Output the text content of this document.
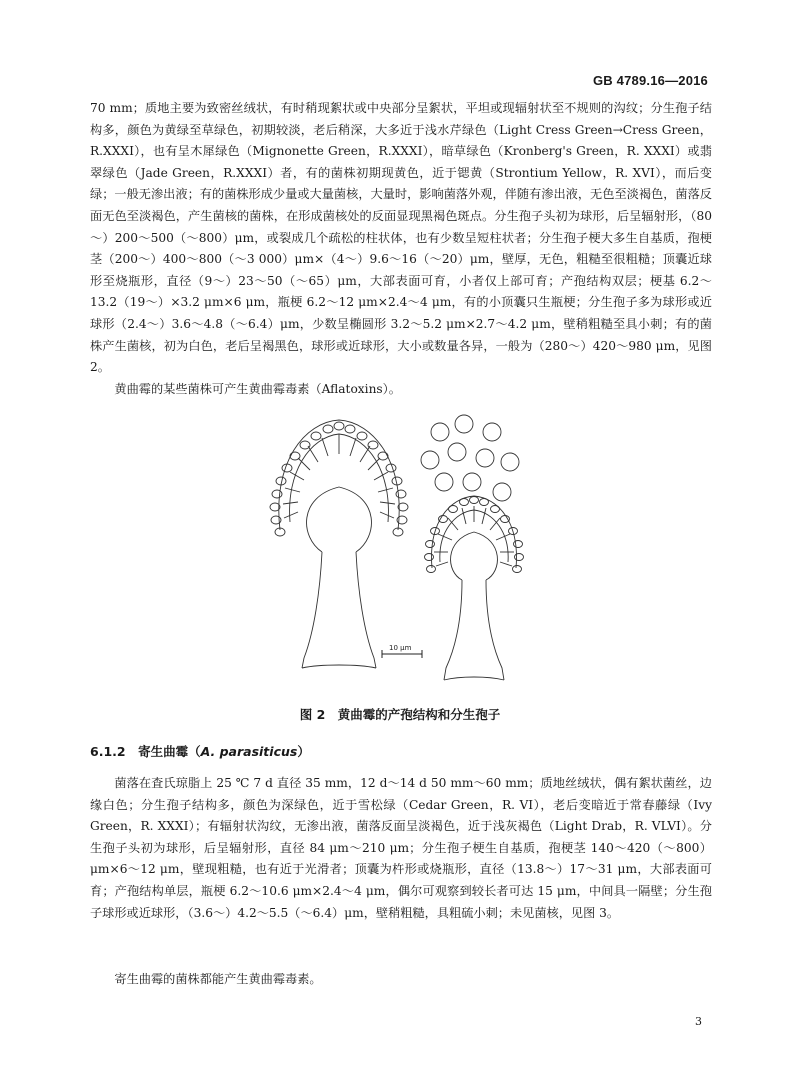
GB 4789.16—2016

70 mm；质地主要为致密丝绒状，有时稍现絮状或中央部分呈絮状，平坦或现辐射状至不规则的沟纹；分生孢子结构多，颜色为黄绿至草绿色，初期较淡，老后稍深，大多近于浅水芹绿色（Light Cress Green→Cress Green，R.XXXI），也有呈木犀绿色（Mignonette Green，R.XXXI），暗草绿色（Kronberg's Green，R. XXXI）或翡翠绿色（Jade Green，R.XXXI）者，有的菌株初期现黄色，近于锶黄（Strontium Yellow，R. XVI），而后变绿；一般无渗出液；有的菌株形成少量或大量菌核，大量时，影响菌落外观，伴随有渗出液，无色至淡褐色，菌落反面无色至淡褐色，产生菌核的菌株，在形成菌核处的反面显现黑褐色斑点。分生孢子头初为球形，后呈辐射形，（80～）200～500（～800）μm，或裂成几个疏松的柱状体，也有少数呈短柱状者；分生孢子梗大多生自基质，孢梗茎（200～）400～800（～3 000）μm×（4～）9.6～16（～20）μm，壁厚，无色，粗糙至很粗糙；顶囊近球形至烧瓶形，直径（9～）23～50（～65）μm，大部表面可育，小者仅上部可育；产孢结构双层；梗基 6.2～13.2（19～）×3.2 μm×6 μm，瓶梗 6.2～12 μm×2.4～4 μm，有的小顶囊只生瓶梗；分生孢子多为球形或近球形（2.4～）3.6～4.8（～6.4）μm，少数呈椭圆形 3.2～5.2 μm×2.7～4.2 μm，壁稍粗糙至具小刺；有的菌株产生菌核，初为白色，老后呈褐黑色，球形或近球形，大小或数量各异，一般为（280～）420～980 μm，见图 2。

黄曲霉的某些菌株可产生黄曲霉毒素（Aflatoxins）。

10 μm
图 2　黄曲霉的产孢结构和分生孢子
6.1.2　寄生曲霉（A. parasiticus）

菌落在査氏琼脂上 25 ℃ 7 d 直径 35 mm，12 d～14 d 50 mm～60 mm；质地丝绒状，偶有絮状菌丝，边缘白色；分生孢子结构多，颜色为深绿色，近于雪松绿（Cedar Green，R. VI），老后变暗近于常春藤绿（Ivy Green，R. XXXI）；有辐射状沟纹，无渗出液，菌落反面呈淡褐色，近于浅灰褐色（Light Drab，R. VLVI）。分生孢子头初为球形，后呈辐射形，直径 84 μm～210 μm；分生孢子梗生自基质，孢梗茎 140～420（～800）μm×6～12 μm，壁现粗糙，也有近于光滑者；顶囊为杵形或烧瓶形，直径（13.8～）17～31 μm，大部表面可育；产孢结构单层，瓶梗 6.2～10.6 μm×2.4～4 μm，偶尔可观察到较长者可达 15 μm，中间具一隔壁；分生孢子球形或近球形，（3.6～）4.2～5.5（～6.4）μm，壁稍粗糙，具粗硫小刺；未见菌核，见图 3。

寄生曲霉的菌株都能产生黄曲霉毒素。

3
